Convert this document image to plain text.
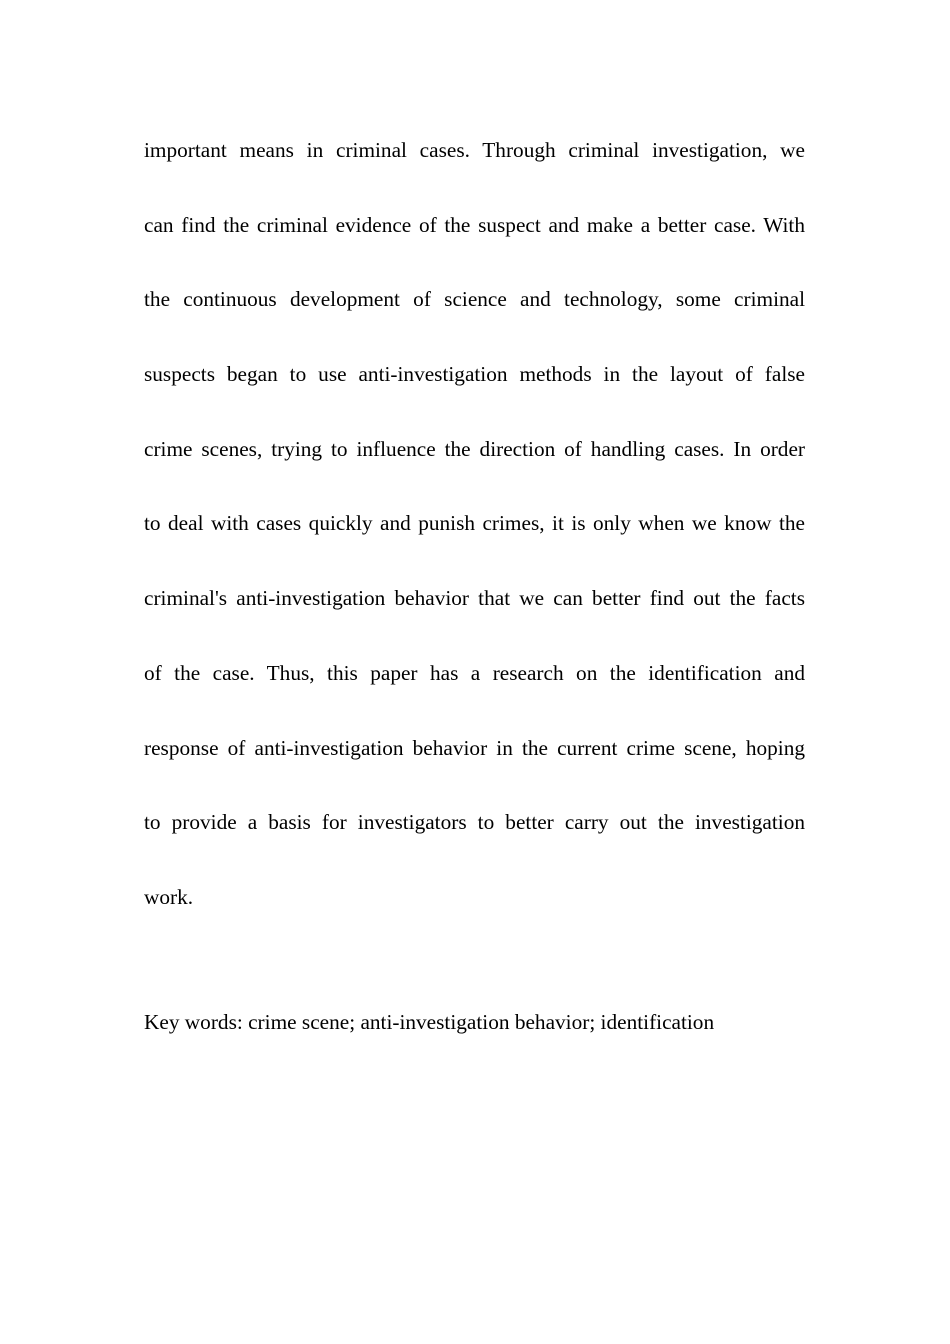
important means in criminal cases. Through criminal investigation, we
can find the criminal evidence of the suspect and make a better case. With
the continuous development of science and technology, some criminal
suspects began to use anti-investigation methods in the layout of false
crime scenes, trying to influence the direction of handling cases. In order
to deal with cases quickly and punish crimes, it is only when we know the
criminal's anti-investigation behavior that we can better find out the facts
of the case. Thus, this paper has a research on the identification and
response of anti-investigation behavior in the current crime scene, hoping
to provide a basis for investigators to better carry out the investigation
work.
Key words: crime scene; anti-investigation behavior; identification
